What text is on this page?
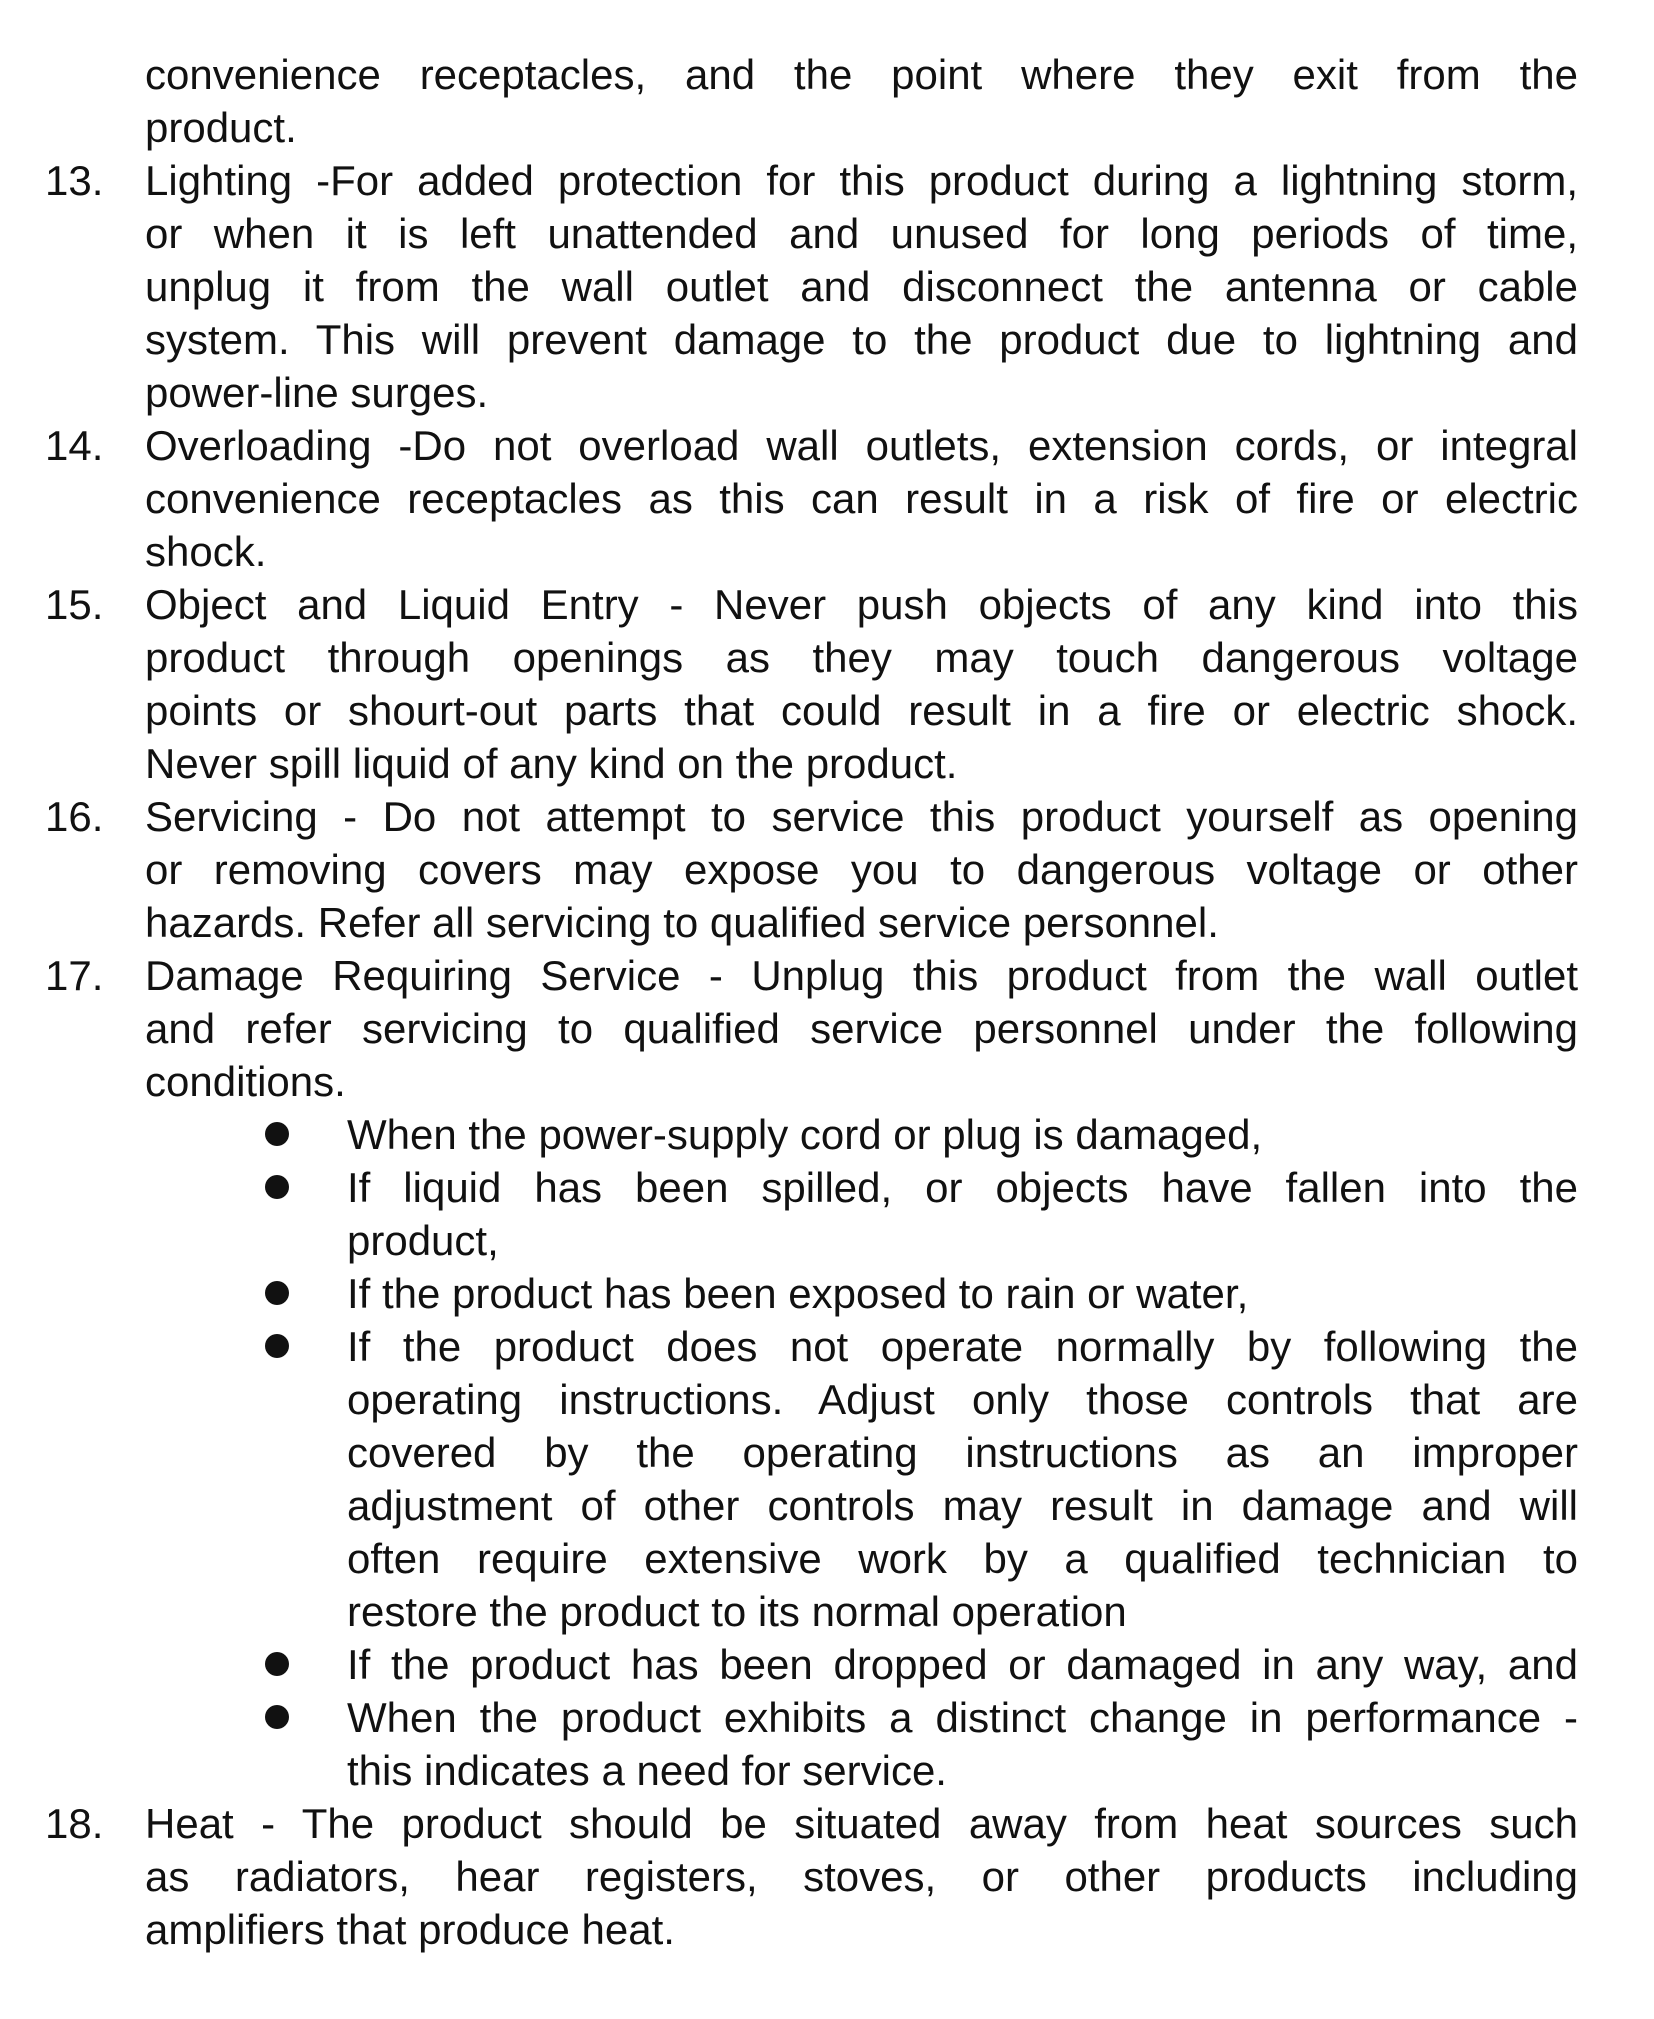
convenience receptacles, and the point where they exit from the
product.
13. Lighting -For added protection for this product during a lightning storm,
or when it is left unattended and unused for long periods of time,
unplug it from the wall outlet and disconnect the antenna or cable
system. This will prevent damage to the product due to lightning and
power-line surges.
14. Overloading -Do not overload wall outlets, extension cords, or integral
convenience receptacles as this can result in a risk of fire or electric
shock.
15. Object and Liquid Entry - Never push objects of any kind into this
product through openings as they may touch dangerous voltage
points or shourt-out parts that could result in a fire or electric shock.
Never spill liquid of any kind on the product.
16. Servicing - Do not attempt to service this product yourself as opening
or removing covers may expose you to dangerous voltage or other
hazards. Refer all servicing to qualified service personnel.
17. Damage Requiring Service - Unplug this product from the wall outlet
and refer servicing to qualified service personnel under the following
conditions.
When the power-supply cord or plug is damaged,
If liquid has been spilled, or objects have fallen into the
product,
If the product has been exposed to rain or water,
If the product does not operate normally by following the
operating instructions. Adjust only those controls that are
covered by the operating instructions as an improper
adjustment of other controls may result in damage and will
often require extensive work by a qualified technician to
restore the product to its normal operation
If the product has been dropped or damaged in any way, and
When the product exhibits a distinct change in performance -
this indicates a need for service.
18. Heat - The product should be situated away from heat sources such
as radiators, hear registers, stoves, or other products including
amplifiers that produce heat.
